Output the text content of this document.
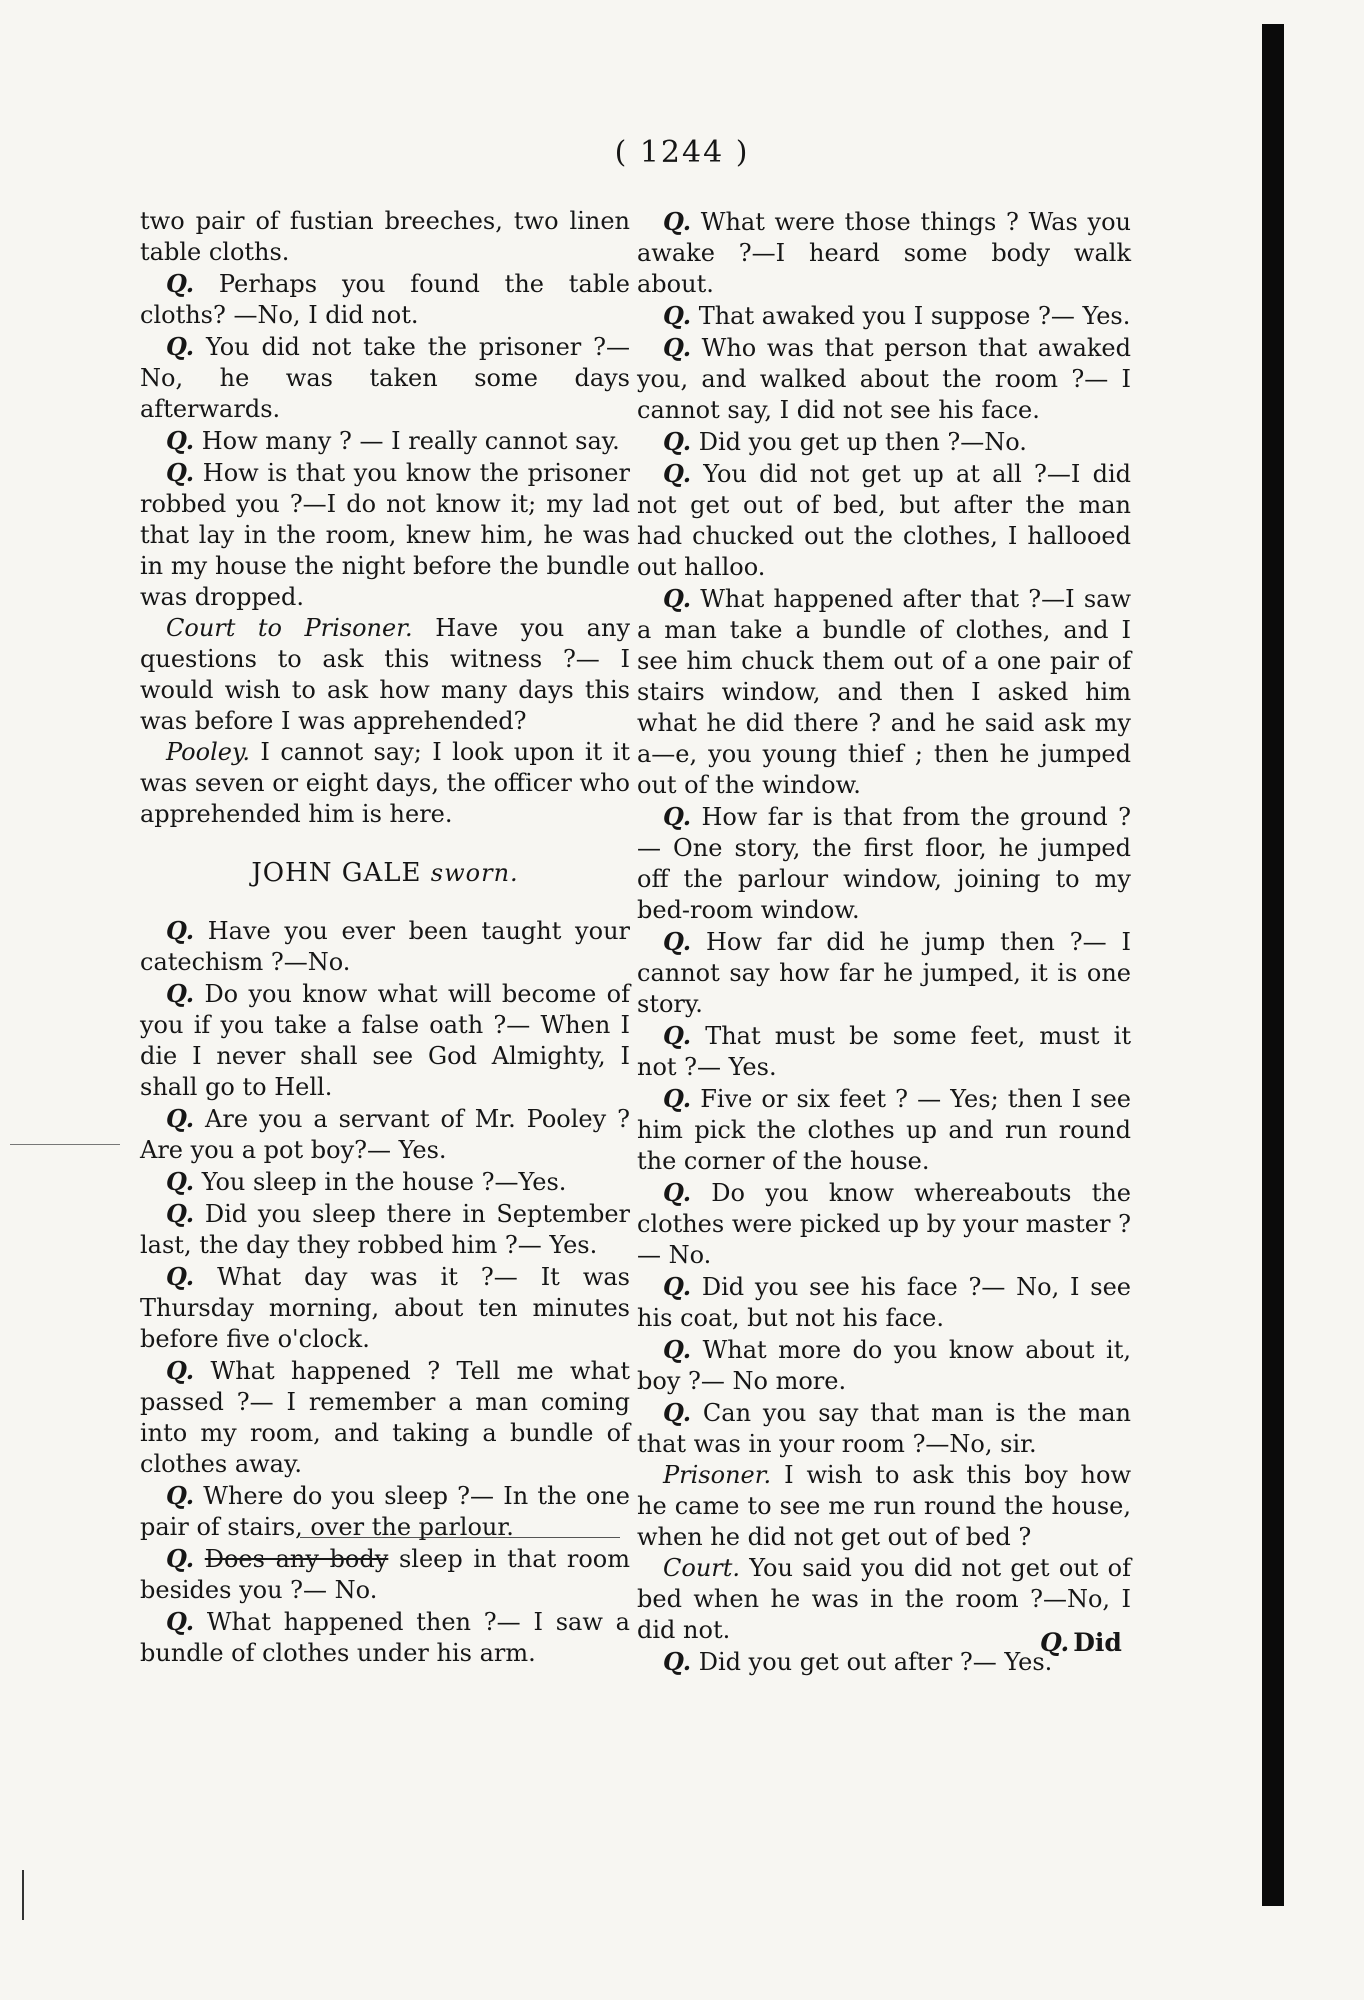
( 1244 )

two pair of fustian breeches, two linen table cloths.

Q. Perhaps you found the table cloths? —No, I did not.

Q. You did not take the prisoner ?— No, he was taken some days afterwards.

Q. How many ? — I really cannot say.

Q. How is that you know the prisoner robbed you ?—I do not know it; my lad that lay in the room, knew him, he was in my house the night before the bundle was dropped.

Court to Prisoner. Have you any questions to ask this witness ?— I would wish to ask how many days this was before I was apprehended?

Pooley. I cannot say; I look upon it it was seven or eight days, the officer who apprehended him is here.

JOHN GALE sworn.

Q. Have you ever been taught your catechism ?—No.

Q. Do you know what will become of you if you take a false oath ?— When I die I never shall see God Almighty, I shall go to Hell.

Q. Are you a servant of Mr. Pooley ? Are you a pot boy?— Yes.

Q. You sleep in the house ?—Yes.

Q. Did you sleep there in September last, the day they robbed him ?— Yes.

Q. What day was it ?— It was Thursday morning, about ten minutes before five o'clock.

Q. What happened ? Tell me what passed ?— I remember a man coming into my room, and taking a bundle of clothes away.

Q. Where do you sleep ?— In the one pair of stairs, over the parlour.

Q. Does any body sleep in that room besides you ?— No.

Q. What happened then ?— I saw a bundle of clothes under his arm.

Q. What were those things ? Was you awake ?—I heard some body walk about.

Q. That awaked you I suppose ?— Yes.

Q. Who was that person that awaked you, and walked about the room ?— I cannot say, I did not see his face.

Q. Did you get up then ?—No.

Q. You did not get up at all ?—I did not get out of bed, but after the man had chucked out the clothes, I hallooed out halloo.

Q. What happened after that ?—I saw a man take a bundle of clothes, and I see him chuck them out of a one pair of stairs window, and then I asked him what he did there ? and he said ask my a—e, you young thief ; then he jumped out of the window.

Q. How far is that from the ground ? — One story, the first floor, he jumped off the parlour window, joining to my bed-room window.

Q. How far did he jump then ?— I cannot say how far he jumped, it is one story.

Q. That must be some feet, must it not ?— Yes.

Q. Five or six feet ? — Yes; then I see him pick the clothes up and run round the corner of the house.

Q. Do you know whereabouts the clothes were picked up by your master ?— No.

Q. Did you see his face ?— No, I see his coat, but not his face.

Q. What more do you know about it, boy ?— No more.

Q. Can you say that man is the man that was in your room ?—No, sir.

Prisoner. I wish to ask this boy how he came to see me run round the house, when he did not get out of bed ?

Court. You said you did not get out of bed when he was in the room ?—No, I did not.

Q. Did you get out after ?— Yes.

Q. Did
